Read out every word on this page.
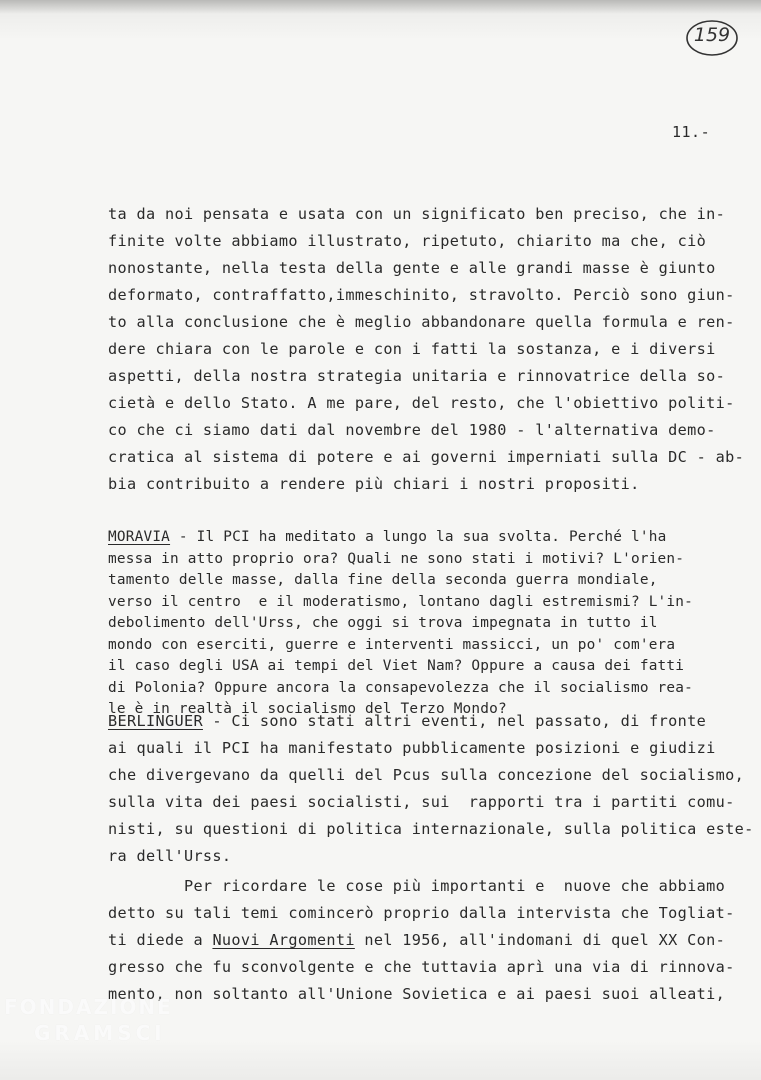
159
11.-
ta da noi pensata e usata con un significato ben preciso, che in-
finite volte abbiamo illustrato, ripetuto, chiarito ma che, ciò
nonostante, nella testa della gente e alle grandi masse è giunto
deformato, contraffatto,immeschinito, stravolto. Perciò sono giun-
to alla conclusione che è meglio abbandonare quella formula e ren-
dere chiara con le parole e con i fatti la sostanza, e i diversi
aspetti, della nostra strategia unitaria e rinnovatrice della so-
cietà e dello Stato. A me pare, del resto, che l'obiettivo politi-
co che ci siamo dati dal novembre del 1980 - l'alternativa demo-
cratica al sistema di potere e ai governi imperniati sulla DC - ab-
bia contribuito a rendere più chiari i nostri propositi.
MORAVIA - Il PCI ha meditato a lungo la sua svolta. Perché l'ha
messa in atto proprio ora? Quali ne sono stati i motivi? L'orien-
tamento delle masse, dalla fine della seconda guerra mondiale,
verso il centro  e il moderatismo, lontano dagli estremismi? L'in-
debolimento dell'Urss, che oggi si trova impegnata in tutto il
mondo con eserciti, guerre e interventi massicci, un po' com'era
il caso degli USA ai tempi del Viet Nam? Oppure a causa dei fatti
di Polonia? Oppure ancora la consapevolezza che il socialismo rea-
le è in realtà il socialismo del Terzo Mondo?
BERLINGUER - Ci sono stati altri eventi, nel passato, di fronte
ai quali il PCI ha manifestato pubblicamente posizioni e giudizi
che divergevano da quelli del Pcus sulla concezione del socialismo,
sulla vita dei paesi socialisti, sui  rapporti tra i partiti comu-
nisti, su questioni di politica internazionale, sulla politica este-
ra dell'Urss.
Per ricordare le cose più importanti e  nuove che abbiamo
detto su tali temi comincerò proprio dalla intervista che Togliat-
ti diede a Nuovi Argomenti nel 1956, all'indomani di quel XX Con-
gresso che fu sconvolgente e che tuttavia aprì una via di rinnova-
mento, non soltanto all'Unione Sovietica e ai paesi suoi alleati,
FONDAZIONE
GRAMSCI
